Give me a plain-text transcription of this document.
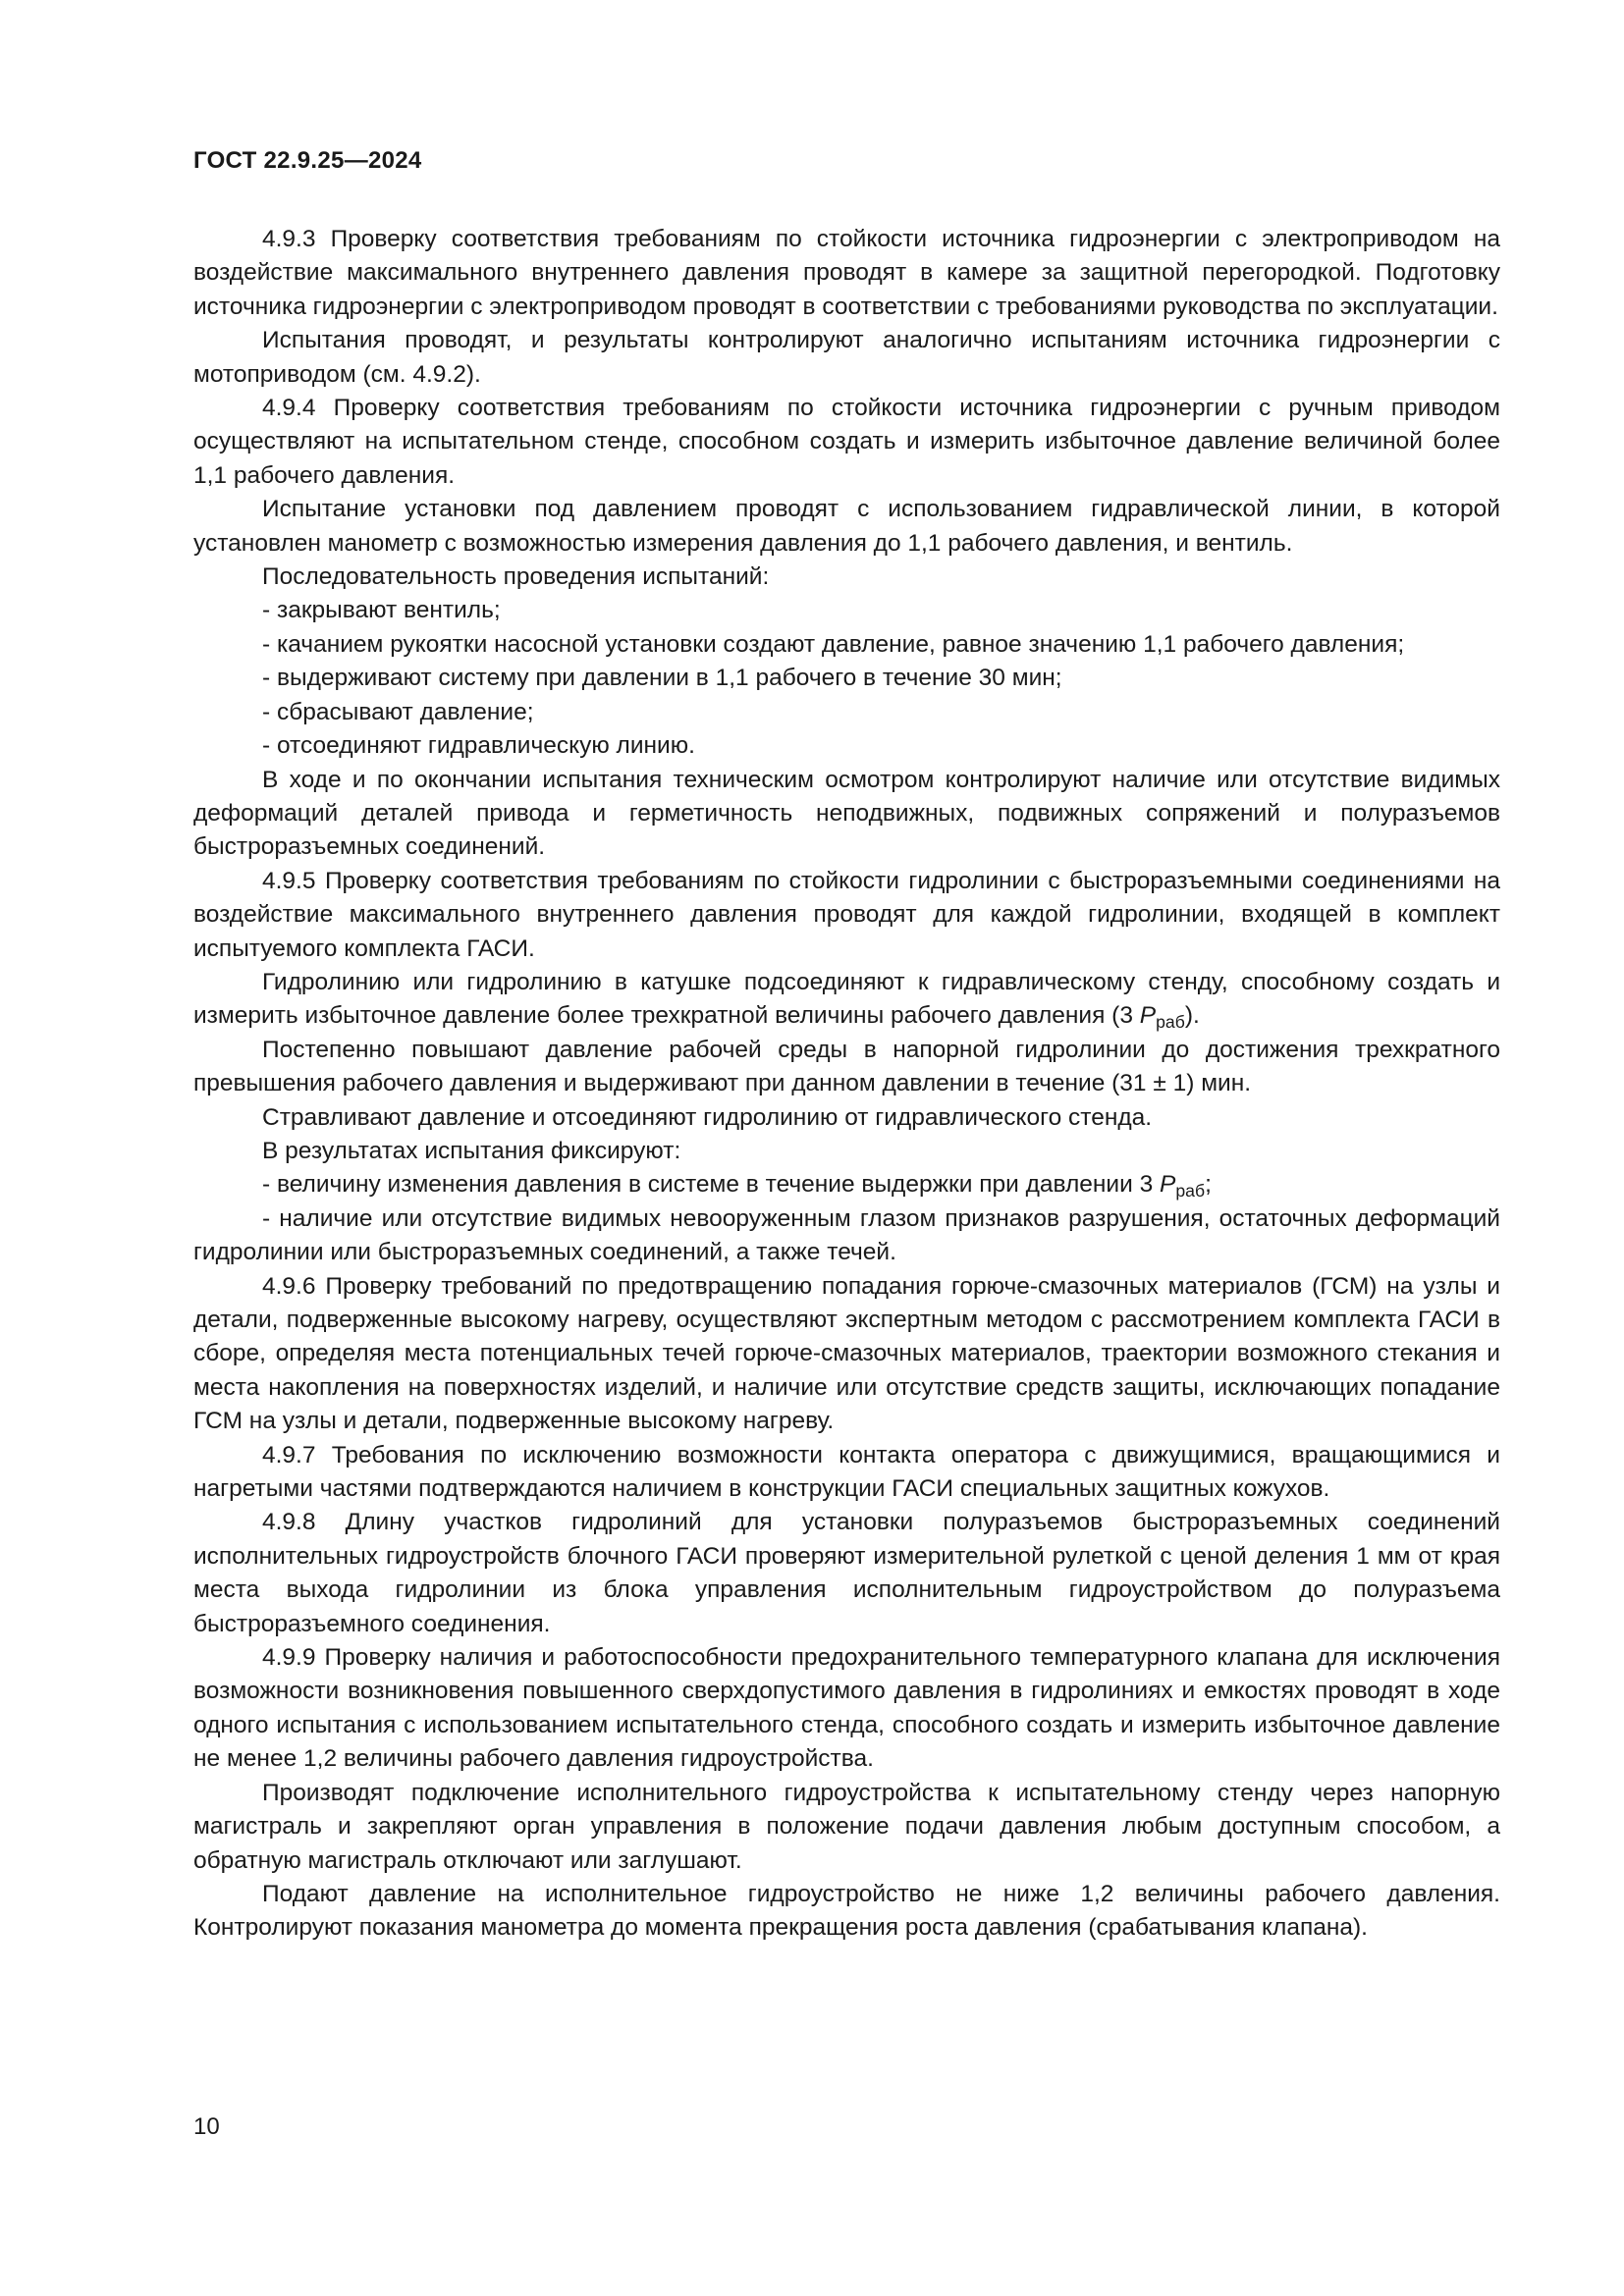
ГОСТ 22.9.25—2024

4.9.3 Проверку соответствия требованиям по стойкости источника гидроэнергии с электроприводом на воздействие максимального внутреннего давления проводят в камере за защитной перегородкой. Подготовку источника гидроэнергии с электроприводом проводят в соответствии с требованиями руководства по эксплуатации.

Испытания проводят, и результаты контролируют аналогично испытаниям источника гидроэнергии с мотоприводом (см. 4.9.2).

4.9.4 Проверку соответствия требованиям по стойкости источника гидроэнергии с ручным приводом осуществляют на испытательном стенде, способном создать и измерить избыточное давление величиной более 1,1 рабочего давления.

Испытание установки под давлением проводят с использованием гидравлической линии, в которой установлен манометр с возможностью измерения давления до 1,1 рабочего давления, и вентиль.

Последовательность проведения испытаний:

- закрывают вентиль;

- качанием рукоятки насосной установки создают давление, равное значению 1,1 рабочего давления;

- выдерживают систему при давлении в 1,1 рабочего в течение 30 мин;

- сбрасывают давление;

- отсоединяют гидравлическую линию.

В ходе и по окончании испытания техническим осмотром контролируют наличие или отсутствие видимых деформаций деталей привода и герметичность неподвижных, подвижных сопряжений и полуразъемов быстроразъемных соединений.

4.9.5 Проверку соответствия требованиям по стойкости гидролинии с быстроразъемными соединениями на воздействие максимального внутреннего давления проводят для каждой гидролинии, входящей в комплект испытуемого комплекта ГАСИ.

Гидролинию или гидролинию в катушке подсоединяют к гидравлическому стенду, способному создать и измерить избыточное давление более трехкратной величины рабочего давления (3 $P_{раб}$).

Постепенно повышают давление рабочей среды в напорной гидролинии до достижения трехкратного превышения рабочего давления и выдерживают при данном давлении в течение (31 ± 1) мин.

Стравливают давление и отсоединяют гидролинию от гидравлического стенда.

В результатах испытания фиксируют:

- величину изменения давления в системе в течение выдержки при давлении 3 $P_{раб}$;

- наличие или отсутствие видимых невооруженным глазом признаков разрушения, остаточных деформаций гидролинии или быстроразъемных соединений, а также течей.

4.9.6 Проверку требований по предотвращению попадания горюче-смазочных материалов (ГСМ) на узлы и детали, подверженные высокому нагреву, осуществляют экспертным методом с рассмотрением комплекта ГАСИ в сборе, определяя места потенциальных течей горюче-смазочных материалов, траектории возможного стекания и места накопления на поверхностях изделий, и наличие или отсутствие средств защиты, исключающих попадание ГСМ на узлы и детали, подверженные высокому нагреву.

4.9.7 Требования по исключению возможности контакта оператора с движущимися, вращающимися и нагретыми частями подтверждаются наличием в конструкции ГАСИ специальных защитных кожухов.

4.9.8 Длину участков гидролиний для установки полуразъемов быстроразъемных соединений исполнительных гидроустройств блочного ГАСИ проверяют измерительной рулеткой с ценой деления 1 мм от края места выхода гидролинии из блока управления исполнительным гидроустройством до полуразъема быстроразъемного соединения.

4.9.9 Проверку наличия и работоспособности предохранительного температурного клапана для исключения возможности возникновения повышенного сверхдопустимого давления в гидролиниях и емкостях проводят в ходе одного испытания с использованием испытательного стенда, способного создать и измерить избыточное давление не менее 1,2 величины рабочего давления гидроустройства.

Производят подключение исполнительного гидроустройства к испытательному стенду через напорную магистраль и закрепляют орган управления в положение подачи давления любым доступным способом, а обратную магистраль отключают или заглушают.

Подают давление на исполнительное гидроустройство не ниже 1,2 величины рабочего давления. Контролируют показания манометра до момента прекращения роста давления (срабатывания клапана).

10
